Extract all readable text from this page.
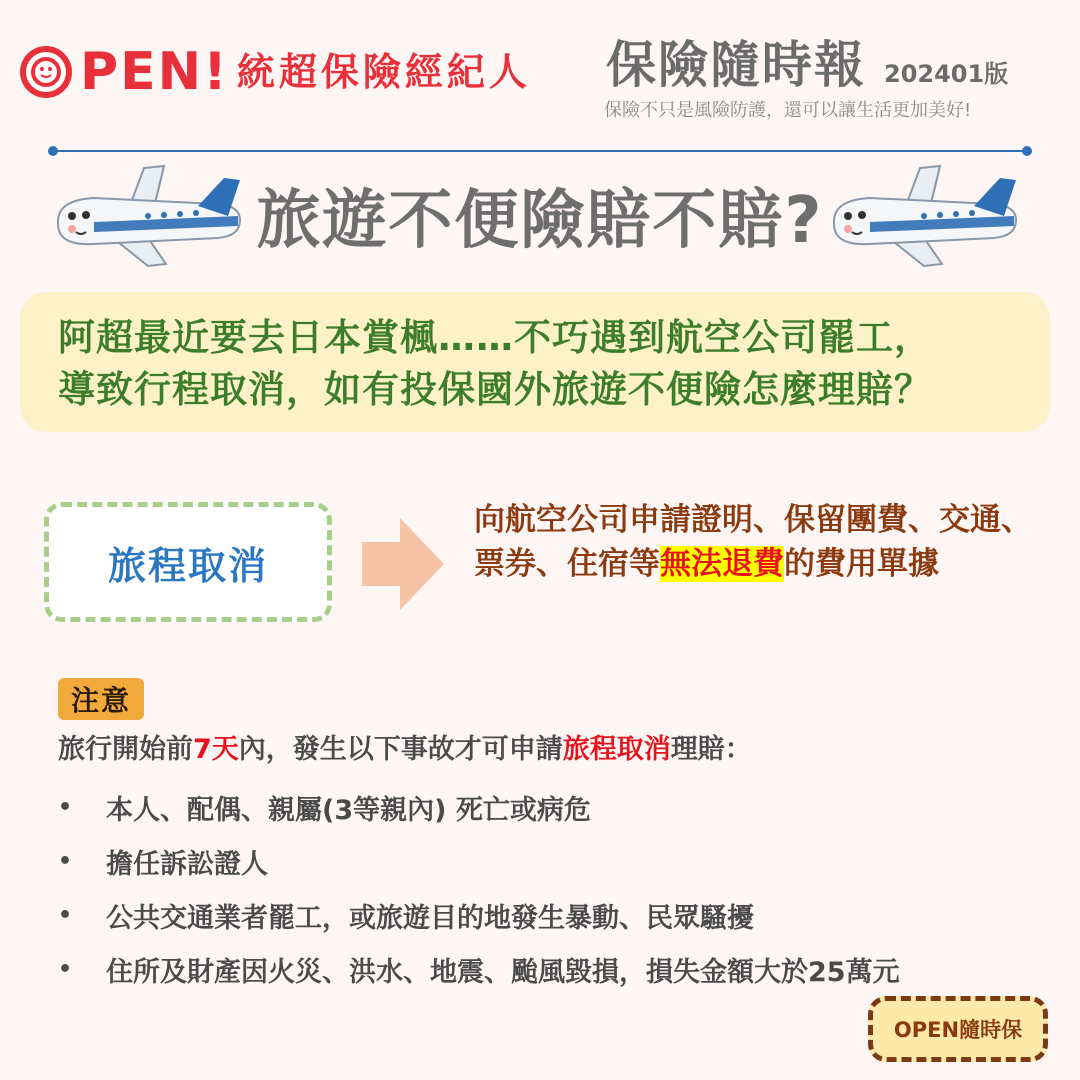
PEN! 統超保險經紀人 保險隨時報 202401版
保險不只是風險防護，還可以讓生活更加美好!
旅遊不便險賠不賠?
阿超最近要去日本賞楓……不巧遇到航空公司罷工，
導致行程取消，如有投保國外旅遊不便險怎麼理賠？
旅程取消
向航空公司申請證明、保留團費、交通、票券、住宿等無法退費的費用單據
注意
旅行開始前7天內，發生以下事故才可申請旅程取消理賠：
•	本人、配偶、親屬(3等親內) 死亡或病危
•	擔任訴訟證人
•	公共交通業者罷工，或旅遊目的地發生暴動、民眾騷擾
•	住所及財產因火災、洪水、地震、颱風毀損，損失金額大於25萬元
OPEN隨時保
